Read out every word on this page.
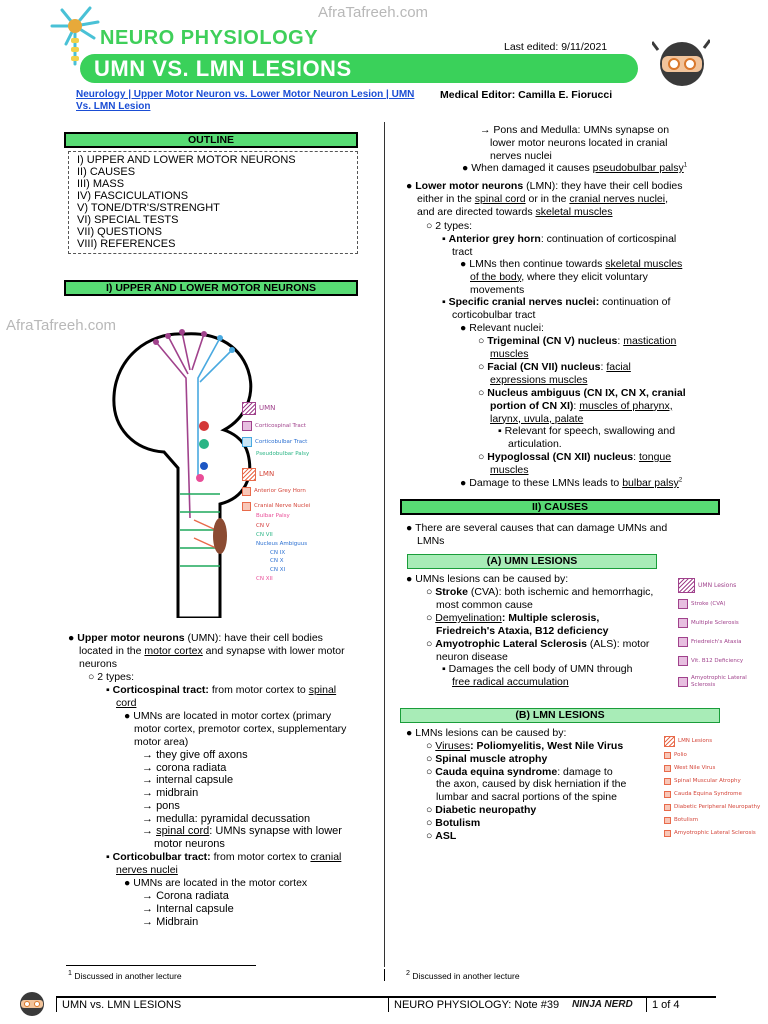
AfraTafreeh.com
AfraTafreeh.com
NEURO PHYSIOLOGY	Last edited: 9/11/2021
UMN VS. LMN LESIONS
Neurology | Upper Motor Neuron vs. Lower Motor Neuron Lesion | UMN
Vs. LMN Lesion
Medical Editor: Camilla E. Fiorucci
OUTLINE
I) UPPER AND LOWER MOTOR NEURONS
II) CAUSES
III) MASS
IV) FASCICULATIONS
V) TONE/DTR'S/STRENGHT
VI) SPECIAL TESTS
VII) QUESTIONS
VIII) REFERENCES
I) UPPER AND LOWER MOTOR NEURONS
UMN
Corticospinal Tract
Corticobulbar Tract
Pseudobulbar Palsy
LMN
Anterior Grey Horn
Cranial Nerve Nuclei
Bulbar Palsy
CN V
CN VII
Nucleus Ambiguus
CN IX
CN X
CN XI
CN XII
● Upper motor neurons (UMN): have their cell bodies
located in the motor cortex and synapse with lower motor
neurons
○ 2 types:
▪ Corticospinal tract: from motor cortex to spinal
cord
● UMNs are located in motor cortex (primary
motor cortex, premotor cortex, supplementary
motor area)
→ they give off axons
→ corona radiata
→ internal capsule
→ midbrain
→ pons
→ medulla: pyramidal decussation
→ spinal cord: UMNs synapse with lower
motor neurons
▪ Corticobulbar tract: from motor cortex to cranial
nerves nuclei
● UMNs are located in the motor cortex
→ Corona radiata
→ Internal capsule
→ Midbrain
$^1$ Discussed in another lecture
→ Pons and Medulla: UMNs synapse on
lower motor neurons located in cranial
nerves nuclei
● When damaged it causes pseudobulbar palsy$^1$
● Lower motor neurons (LMN): they have their cell bodies
either in the spinal cord or in the cranial nerves nuclei,
and are directed towards skeletal muscles
○ 2 types:
▪ Anterior grey horn: continuation of corticospinal
tract
● LMNs then continue towards skeletal muscles
of the body, where they elicit voluntary
movements
▪ Specific cranial nerves nuclei: continuation of
corticobulbar tract
● Relevant nuclei:
○ Trigeminal (CN V) nucleus: mastication
muscles
○ Facial (CN VII) nucleus: facial
expressions muscles
○ Nucleus ambiguus (CN IX, CN X, cranial
portion of CN XI): muscles of pharynx,
larynx, uvula, palate
▪ Relevant for speech, swallowing and
articulation.
○ Hypoglossal (CN XII) nucleus: tongue
muscles
● Damage to these LMNs leads to bulbar palsy$^2$
II) CAUSES
● There are several causes that can damage UMNs and
LMNs
(A) UMN LESIONS
● UMNs lesions can be caused by:
○ Stroke (CVA): both ischemic and hemorrhagic,
most common cause
○ Demyelination: Multiple sclerosis,
Friedreich's Ataxia, B12 deficiency
○ Amyotrophic Lateral Sclerosis (ALS): motor
neuron disease
▪ Damages the cell body of UMN through
free radical accumulation
UMN Lesions
Stroke (CVA)
Multiple Sclerosis
Friedreich's Ataxia
Vit. B12 Deficiency
Amyotrophic Lateral Sclerosis
(B) LMN LESIONS
● LMNs lesions can be caused by:
○ Viruses: Poliomyelitis, West Nile Virus
○ Spinal muscle atrophy
○ Cauda equina syndrome: damage to
the axon, caused by disk herniation if the
lumbar and sacral portions of the spine
○ Diabetic neuropathy
○ Botulism
○ ASL
LMN Lesions
Polio
West Nile Virus
Spinal Muscular Atrophy
Cauda Equina Syndrome
Diabetic Peripheral Neuropathy
Botulism
Amyotrophic Lateral Sclerosis
$^2$ Discussed in another lecture
UMN vs. LMN LESIONS	NEURO PHYSIOLOGY: Note #39 NINJA NERD 1 of 4
